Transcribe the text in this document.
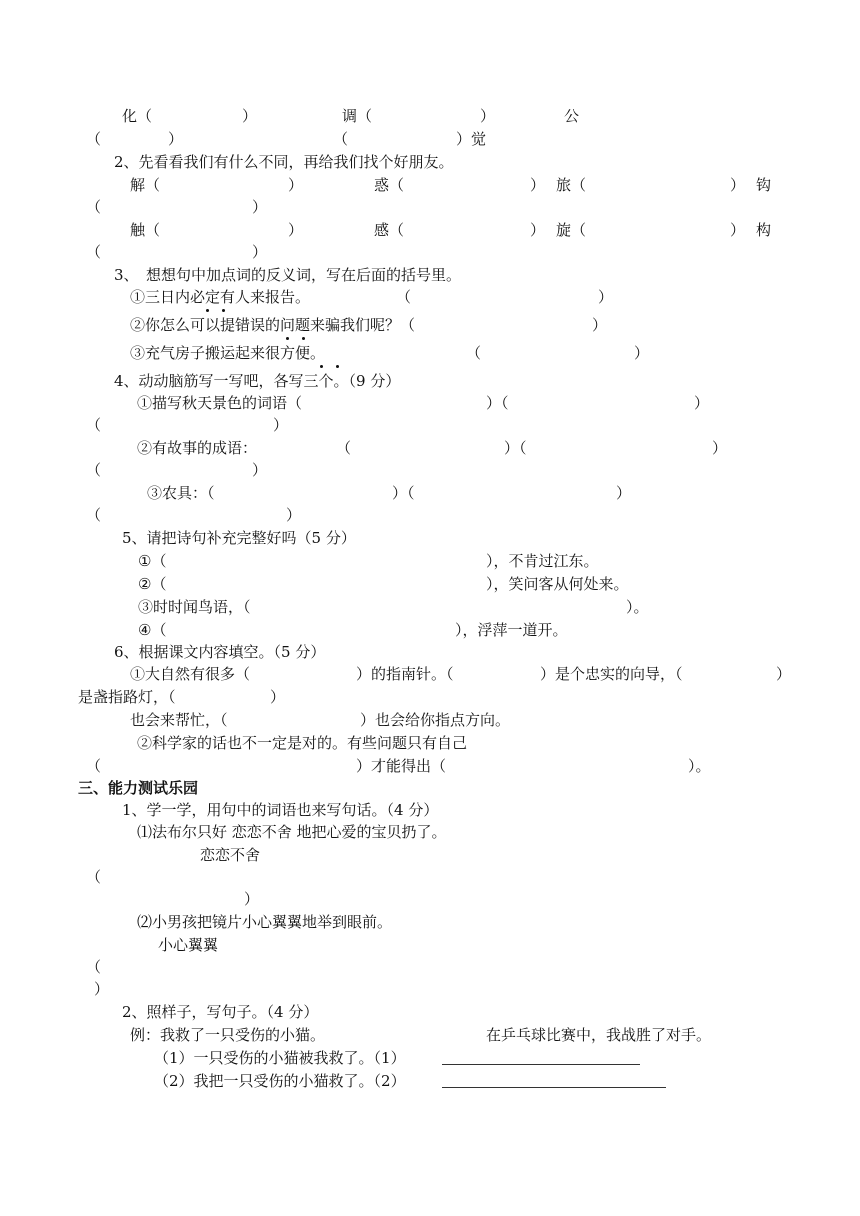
化（	）	调（	）	公
（	）	（	）觉
2、先看看我们有什么不同，再给我们找个好朋友。
解（	）	惑（	） 旅（	） 钩
（	）
触（	）	感（	） 旋（	） 构
（	）
3、　想想句中加点词的反义词，写在后面的括号里。
①三日内必定有人来报告。	（	）
②你怎么可以提错误的问题来骗我们呢？（	）
③充气房子搬运起来很方便。	（	）
4、动动脑筋写一写吧，各写三个。（9 分）
①描写秋天景色的词语（	）（	）
（	）
②有故事的成语：	（	）（	）
（	）
③农具：（	）（	）
（	）
5、请把诗句补充完整好吗（5 分）
①（	），不肯过江东。
②（	），笑问客从何处来。
③时时闻鸟语，（	）。
④（	），浮萍一道开。
6、根据课文内容填空。（5 分）
①大自然有很多（	）的指南针。（	）是个忠实的向导，（	）
是盏指路灯，（	）
也会来帮忙，（	）也会给你指点方向。
②科学家的话也不一定是对的。有些问题只有自己
（	）才能得出（	）。
三、能力测试乐园
1、学一学，用句中的词语也来写句话。（4 分）
⑴法布尔只好 恋恋不舍 地把心爱的宝贝扔了。
恋恋不舍
（
）
⑵小男孩把镜片小心翼翼地举到眼前。
小心翼翼
（
）
2、照样子，写句子。（4 分）
例：我救了一只受伤的小猫。	在乒乓球比赛中，我战胜了对手。
（1）一只受伤的小猫被我救了。（1）
（2）我把一只受伤的小猫救了。（2）
